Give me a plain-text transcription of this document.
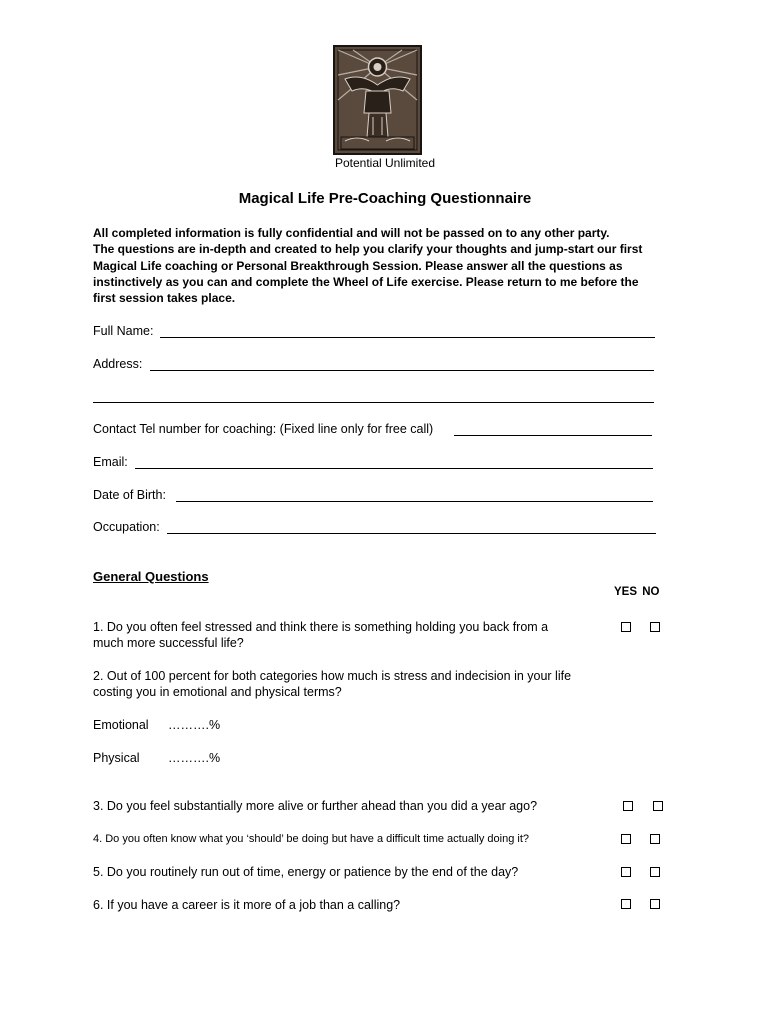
Potential Unlimited
Magical Life Pre-Coaching Questionnaire

All completed information is fully confidential and will not be passed on to any other party.

The questions are in-depth and created to help you clarify your thoughts and jump-start our first

Magical Life coaching or Personal Breakthrough Session. Please answer all the questions as

instinctively as you can and complete the Wheel of Life exercise. Please return to me before the

first session takes place.

Full Name:
Address:
Contact Tel number for coaching: (Fixed line only for free call)
Email:
Date of Birth:
Occupation:
General Questions
YES NO
1. Do you often feel stressed and think there is something holding you back from a
much more successful life?
2. Out of 100 percent for both categories how much is stress and indecision in your life
costing you in emotional and physical terms?
Emotional ……….%
Physical ……….%
3. Do you feel substantially more alive or further ahead than you did a year ago?
4. Do you often know what you ‘should’ be doing but have a difficult time actually doing it?
5. Do you routinely run out of time, energy or patience by the end of the day?
6. If you have a career is it more of a job than a calling?
